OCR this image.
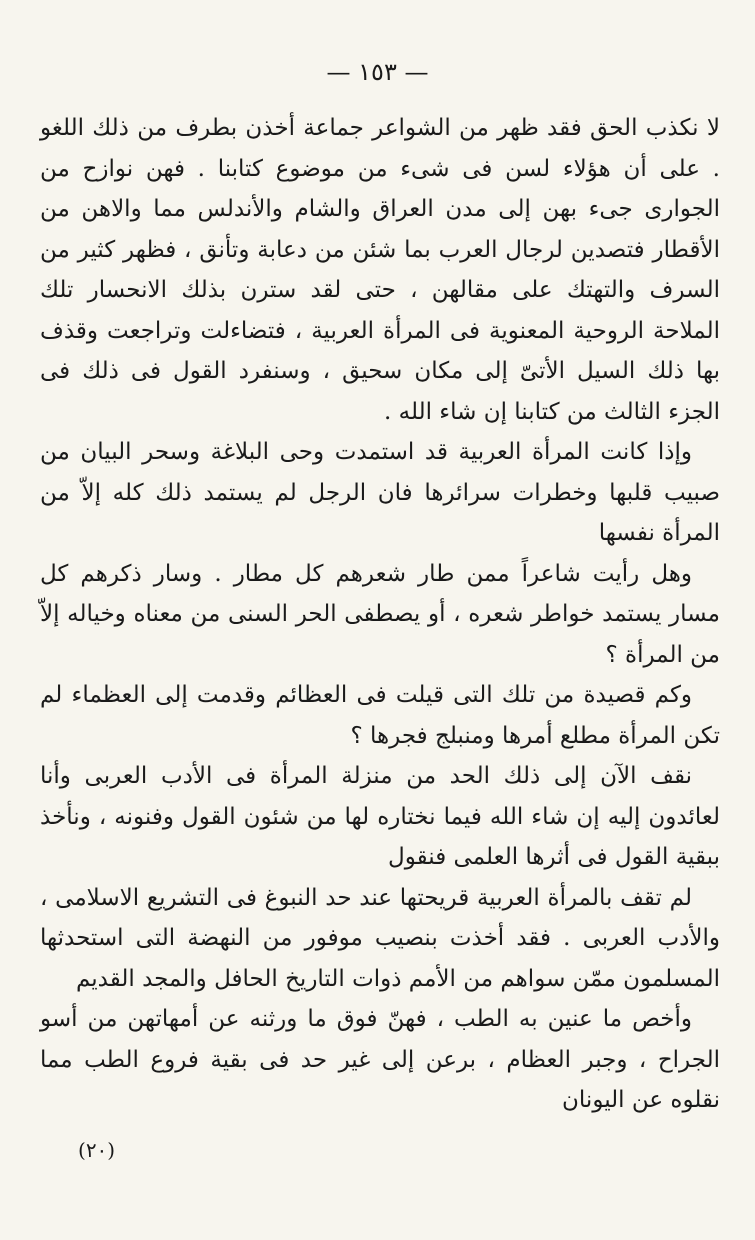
— ١٥٣ —

لا نكذب الحق فقد ظهر من الشواعر جماعة أخذن بطرف من ذلك اللغو . على أن هؤلاء لسن فى شىء من موضوع كتابنا . فهن نوازح من الجوارى جىء بهن إلى مدن العراق والشام والأندلس مما والاهن من الأقطار فتصدين لرجال العرب بما شئن من دعابة وتأنق ، فظهر كثير من السرف والتهتك على مقالهن ، حتى لقد سترن بذلك الانحسار تلك الملاحة الروحية المعنوية فى المرأة العربية ، فتضاءلت وتراجعت وقذف بها ذلك السيل الأتىّ إلى مكان سحيق ، وسنفرد القول فى ذلك فى الجزء الثالث من كتابنا إن شاء الله .

وإذا كانت المرأة العربية قد استمدت وحى البلاغة وسحر البيان من صبيب قلبها وخطرات سرائرها فان الرجل لم يستمد ذلك كله إلاّ من المرأة نفسها

وهل رأيت شاعراً ممن طار شعرهم كل مطار . وسار ذكرهم كل مسار يستمد خواطر شعره ، أو يصطفى الحر السنى من معناه وخياله إلاّ من المرأة ؟

وكم قصيدة من تلك التى قيلت فى العظائم وقدمت إلى العظماء لم تكن المرأة مطلع أمرها ومنبلج فجرها ؟

نقف الآن إلى ذلك الحد من منزلة المرأة فى الأدب العربى وأنا لعائدون إليه إن شاء الله فيما نختاره لها من شئون القول وفنونه ، ونأخذ ببقية القول فى أثرها العلمى فنقول

لم تقف بالمرأة العربية قريحتها عند حد النبوغ فى التشريع الاسلامى ، والأدب العربى . فقد أخذت بنصيب موفور من النهضة التى استحدثها المسلمون ممّن سواهم من الأمم ذوات التاريخ الحافل والمجد القديم

وأخص ما عنين به الطب ، فهنّ فوق ما ورثنه عن أمهاتهن من أسو الجراح ، وجبر العظام ، برعن إلى غير حد فى بقية فروع الطب مما نقلوه عن اليونان

(٢٠)
